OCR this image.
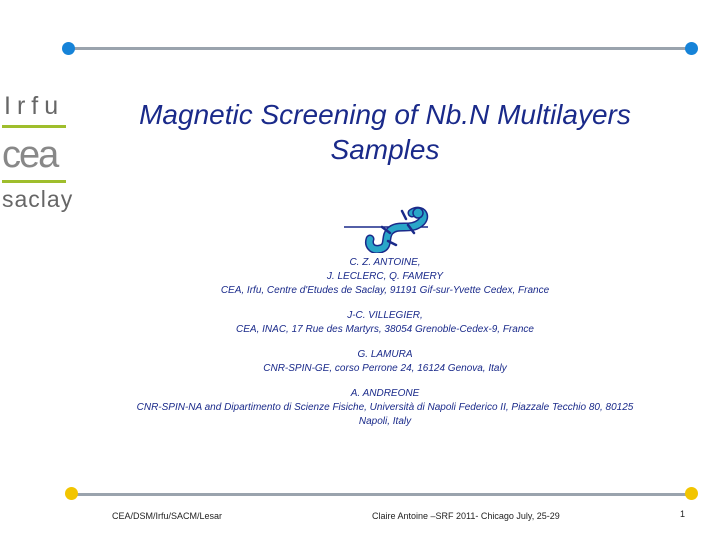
Irfu
cea
saclay
Magnetic Screening of Nb.N Multilayers
Samples
C. Z. ANTOINE,
J. LECLERC, Q. FAMERY
CEA, Irfu, Centre d'Etudes de Saclay, 91191 Gif-sur-Yvette Cedex, France
J-C. VILLEGIER,
CEA, INAC, 17 Rue des Martyrs, 38054 Grenoble-Cedex-9, France
G. LAMURA
CNR-SPIN-GE, corso Perrone 24, 16124 Genova, Italy
A. ANDREONE
CNR-SPIN-NA and Dipartimento di Scienze Fisiche, Università di Napoli Federico II, Piazzale Tecchio 80, 80125
Napoli, Italy
CEA/DSM/Irfu/SACM/Lesar	Claire Antoine –SRF 2011- Chicago July, 25-29	1
